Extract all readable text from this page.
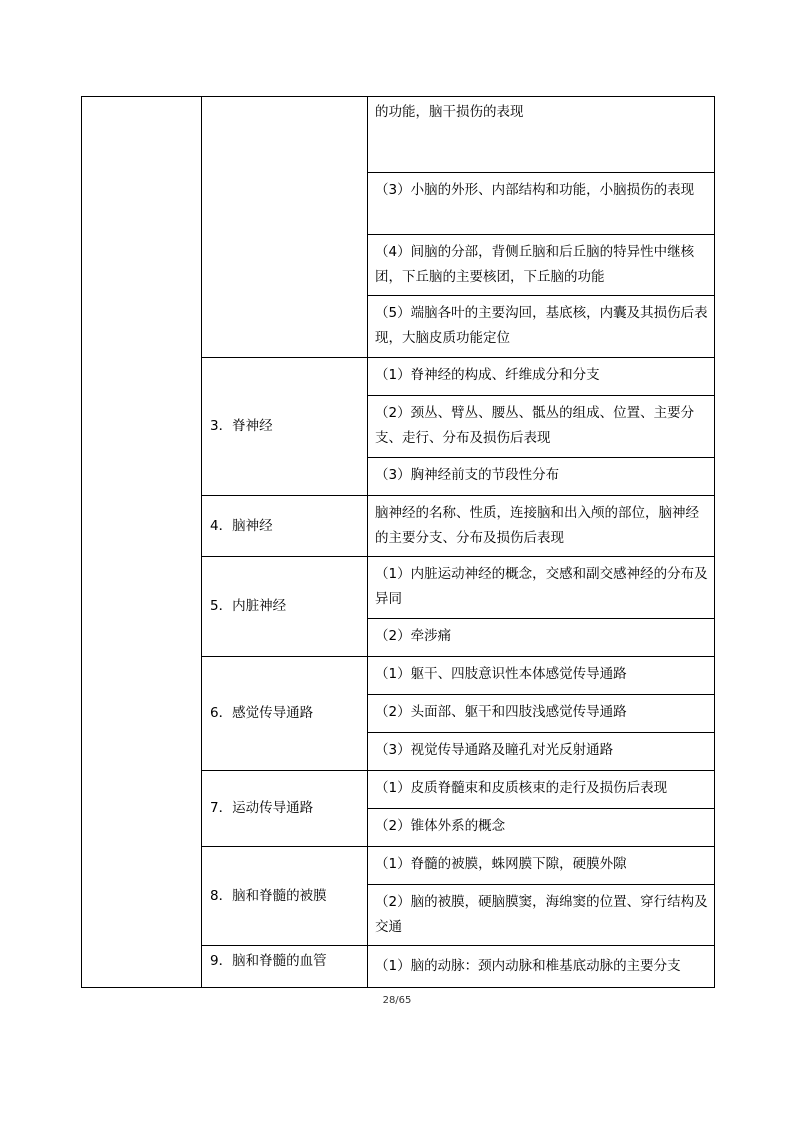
		的功能，脑干损伤的表现
		（3）小脑的外形、内部结构和功能，小脑损伤的表现
		（4）间脑的分部，背侧丘脑和后丘脑的特异性中继核团，下丘脑的主要核团，下丘脑的功能
		（5）端脑各叶的主要沟回，基底核，内囊及其损伤后表现，大脑皮质功能定位
	3．脊神经	（1）脊神经的构成、纤维成分和分支
		（2）颈丛、臂丛、腰丛、骶丛的组成、位置、主要分支、走行、分布及损伤后表现
		（3）胸神经前支的节段性分布
	4．脑神经	脑神经的名称、性质，连接脑和出入颅的部位，脑神经的主要分支、分布及损伤后表现
	5．内脏神经	（1）内脏运动神经的概念，交感和副交感神经的分布及异同
		（2）牵涉痛
	6．感觉传导通路	（1）躯干、四肢意识性本体感觉传导通路
		（2）头面部、躯干和四肢浅感觉传导通路
		（3）视觉传导通路及瞳孔对光反射通路
	7．运动传导通路	（1）皮质脊髓束和皮质核束的走行及损伤后表现
		（2）锥体外系的概念
	8．脑和脊髓的被膜	（1）脊髓的被膜，蛛网膜下隙，硬膜外隙
		（2）脑的被膜，硬脑膜窦，海绵窦的位置、穿行结构及交通
	9．脑和脊髓的血管	（1）脑的动脉：颈内动脉和椎基底动脉的主要分支
28/65
